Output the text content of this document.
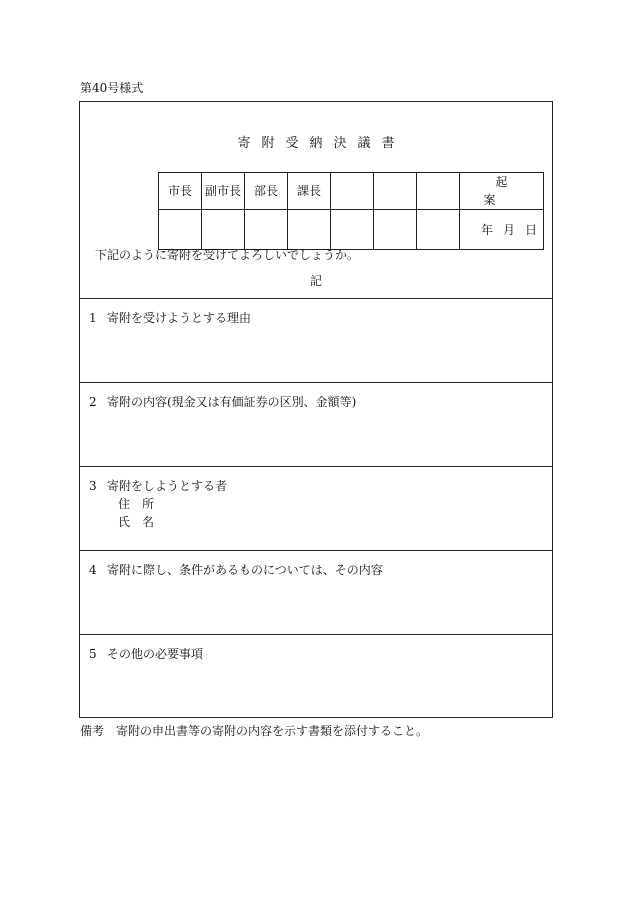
第40号様式
寄附受納決議書
市長	副市長	部長	課長				起案
							年月日
下記のように寄附を受けてよろしいでしょうか。
記
1 寄附を受けようとする理由
2 寄附の内容(現金又は有価証券の区別、金額等)
3 寄附をしようとする者
住所
氏名
4 寄附に際し、条件があるものについては、その内容
5 その他の必要事項
備考　寄附の申出書等の寄附の内容を示す書類を添付すること。
